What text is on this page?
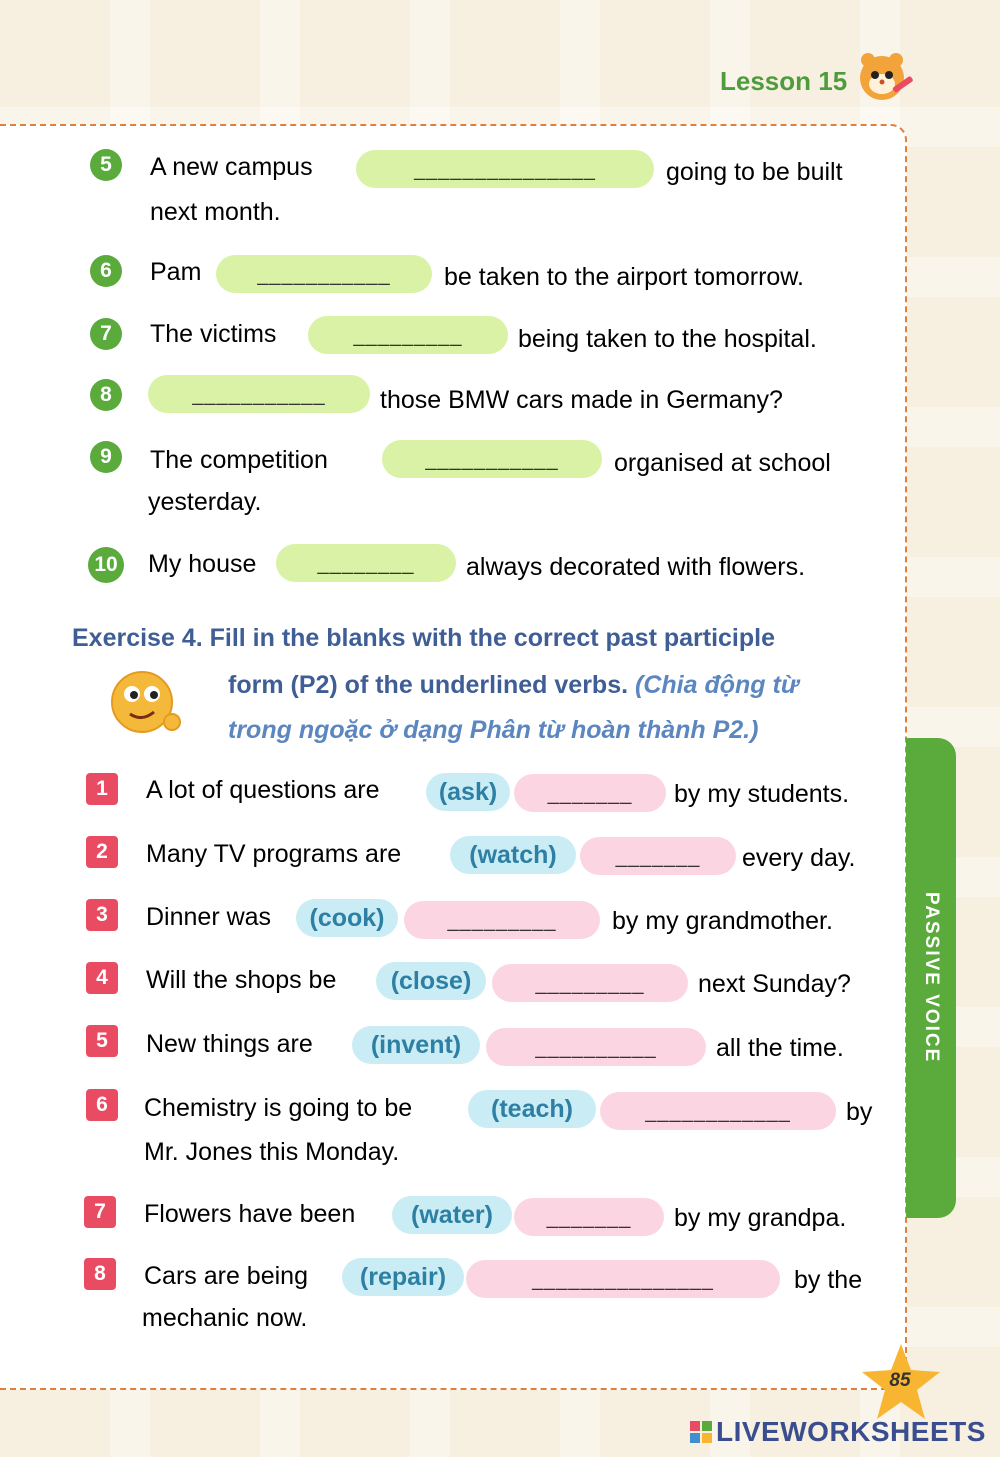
Lesson 15
5	A new campus	_______________	going to be built
next month.
6	Pam	___________	be taken to the airport tomorrow.
7	The victims	_________	being taken to the hospital.
8	___________	those BMW cars made in Germany?
9	The competition	___________	organised at school
yesterday.
10 My house	________	always decorated with flowers.
Exercise 4. Fill in the blanks with the correct past participle
form (P2) of the underlined verbs. (Chia động từ
trong ngoặc ở dạng Phân từ hoàn thành P2.)
1	A lot of questions are	(ask)	_______	by my students.
2	Many TV programs are	(watch)	_______	every day.
3	Dinner was	(cook)	_________	by my grandmother.
4	Will the shops be	(close)	_________	next Sunday?
5	New things are	(invent)	__________	all the time.
6	Chemistry is going to be	(teach)	____________	by
Mr. Jones this Monday.
7	Flowers have been	(water)	_______	by my grandpa.
8	Cars are being	(repair)	_______________	by the
mechanic now.
PASSIVE VOICE
85
LIVEWORKSHEETS
